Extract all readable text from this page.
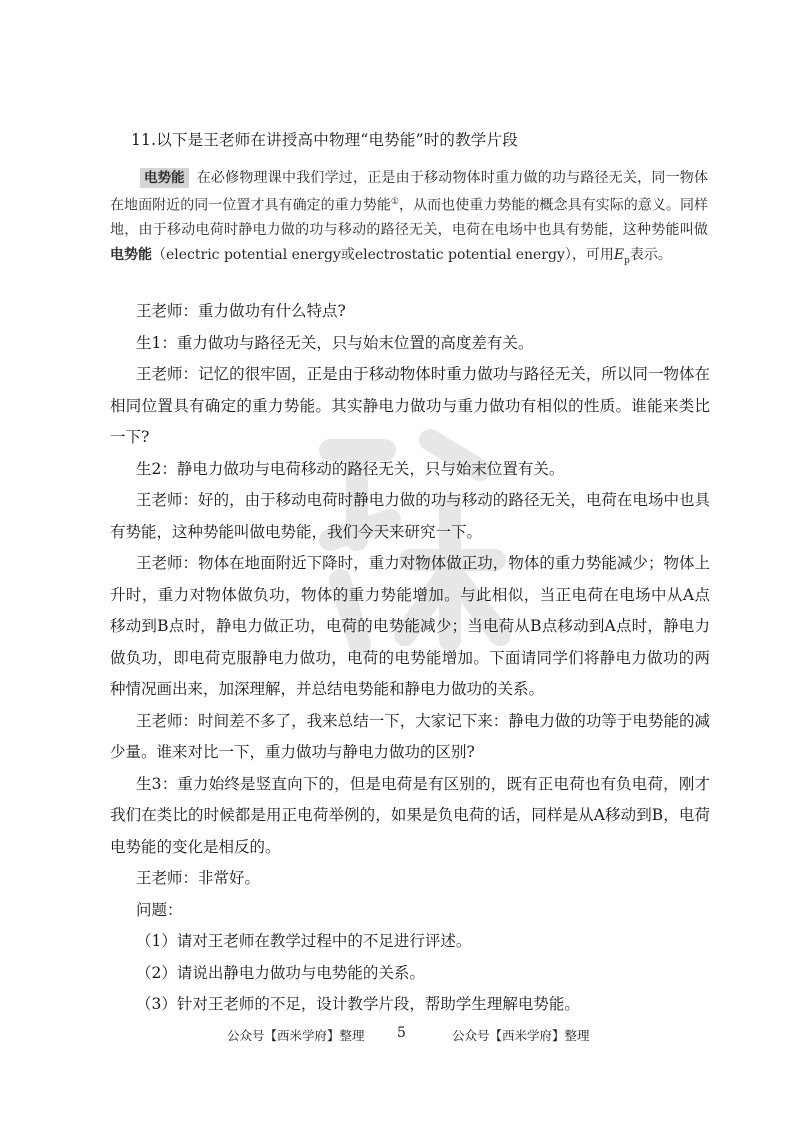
11.以下是王老师在讲授高中物理“电势能”时的教学片段
电势能 在必修物理课中我们学过，正是由于移动物体时重力做的功与路径无关，同一物体在地面附近的同一位置才具有确定的重力势能①，从而也使重力势能的概念具有实际的意义。同样地，由于移动电荷时静电力做的功与移动的路径无关，电荷在电场中也具有势能，这种势能叫做电势能（electric potential energy或electrostatic potential energy），可用$E_p$表示。

王老师：重力做功有什么特点?

生1：重力做功与路径无关，只与始末位置的高度差有关。

王老师：记忆的很牢固，正是由于移动物体时重力做功与路径无关，所以同一物体在相同位置具有确定的重力势能。其实静电力做功与重力做功有相似的性质。谁能来类比一下?

生2：静电力做功与电荷移动的路径无关，只与始末位置有关。

王老师：好的，由于移动电荷时静电力做的功与移动的路径无关，电荷在电场中也具有势能，这种势能叫做电势能，我们今天来研究一下。

王老师：物体在地面附近下降时，重力对物体做正功，物体的重力势能减少；物体上升时，重力对物体做负功，物体的重力势能增加。与此相似，当正电荷在电场中从A点移动到B点时，静电力做正功，电荷的电势能减少；当电荷从B点移动到A点时，静电力做负功，即电荷克服静电力做功，电荷的电势能增加。下面请同学们将静电力做功的两种情况画出来，加深理解，并总结电势能和静电力做功的关系。

王老师：时间差不多了，我来总结一下，大家记下来：静电力做的功等于电势能的减少量。谁来对比一下，重力做功与静电力做功的区别?

生3：重力始终是竖直向下的，但是电荷是有区别的，既有正电荷也有负电荷，刚才我们在类比的时候都是用正电荷举例的，如果是负电荷的话，同样是从A移动到B，电荷电势能的变化是相反的。

王老师：非常好。

问题：

（1）请对王老师在教学过程中的不足进行评述。

（2）请说出静电力做功与电势能的关系。

（3）针对王老师的不足，设计教学片段，帮助学生理解电势能。

公众号【西米学府】整理 5	公众号【西米学府】整理
